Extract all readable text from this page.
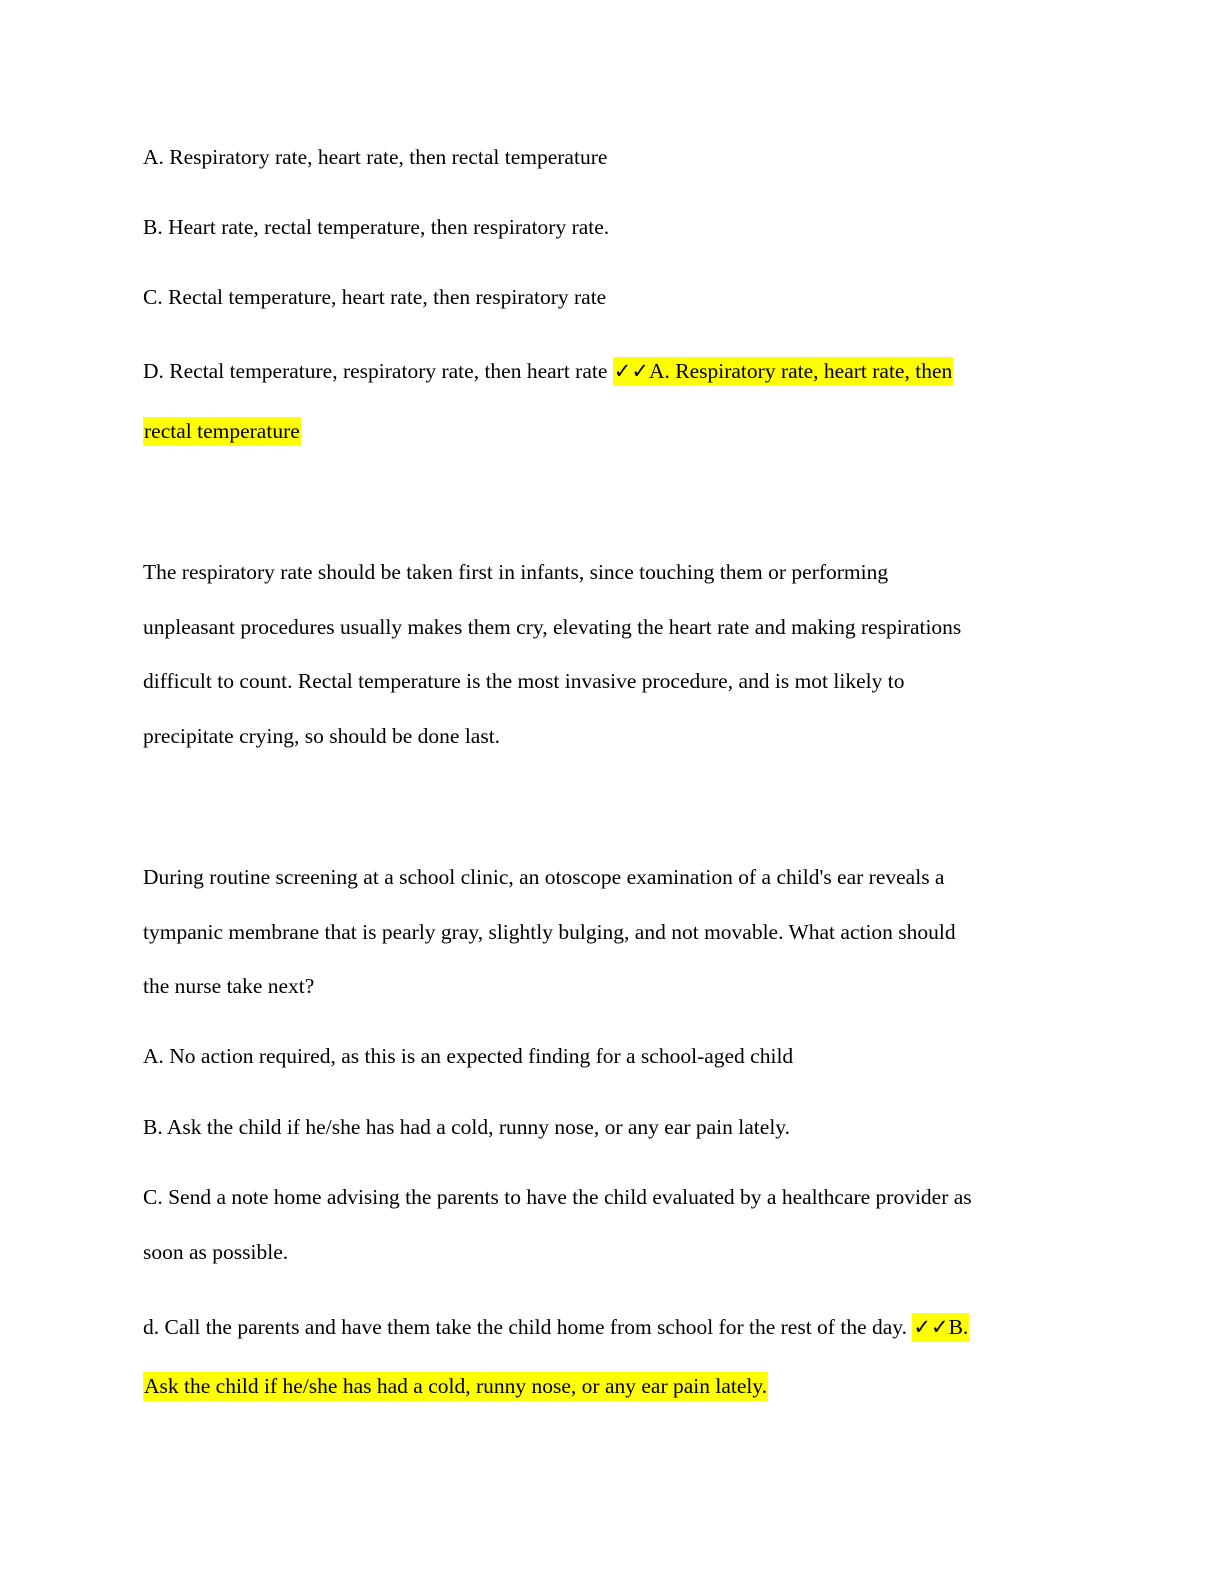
A. Respiratory rate, heart rate, then rectal temperature
B. Heart rate, rectal temperature, then respiratory rate.
C. Rectal temperature, heart rate, then respiratory rate
D. Rectal temperature, respiratory rate, then heart rate ✓✓A. Respiratory rate, heart rate, then
rectal temperature
The respiratory rate should be taken first in infants, since touching them or performing
unpleasant procedures usually makes them cry, elevating the heart rate and making respirations
difficult to count. Rectal temperature is the most invasive procedure, and is mot likely to
precipitate crying, so should be done last.
During routine screening at a school clinic, an otoscope examination of a child's ear reveals a
tympanic membrane that is pearly gray, slightly bulging, and not movable. What action should
the nurse take next?
A. No action required, as this is an expected finding for a school-aged child
B. Ask the child if he/she has had a cold, runny nose, or any ear pain lately.
C. Send a note home advising the parents to have the child evaluated by a healthcare provider as
soon as possible.
d. Call the parents and have them take the child home from school for the rest of the day. ✓✓B.
Ask the child if he/she has had a cold, runny nose, or any ear pain lately.
